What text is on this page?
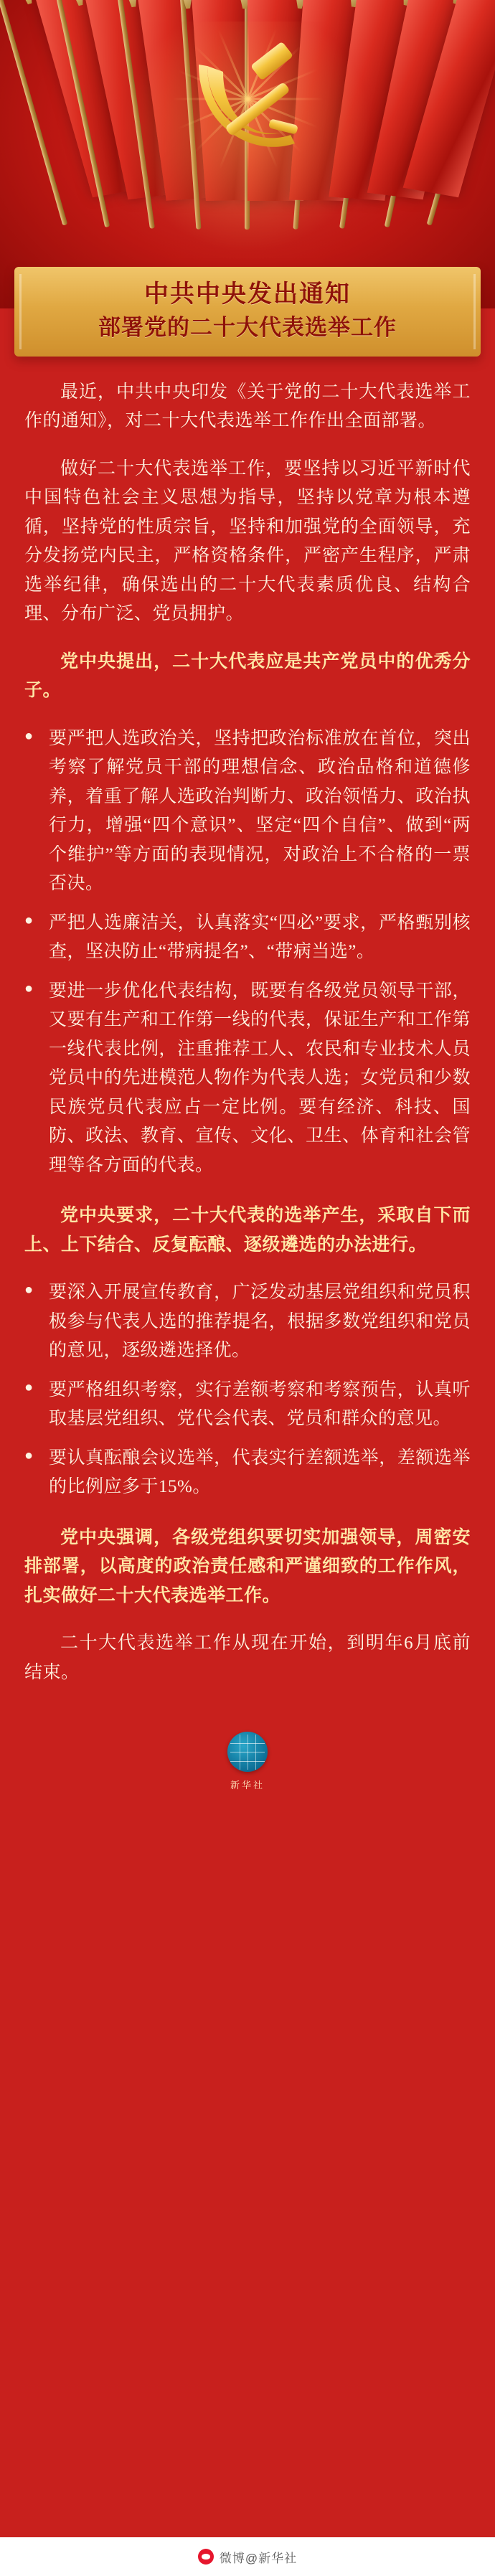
中共中央发出通知
部署党的二十大代表选举工作

最近，中共中央印发《关于党的二十大代表选举工作的通知》，对二十大代表选举工作作出全面部署。

做好二十大代表选举工作，要坚持以习近平新时代中国特色社会主义思想为指导，坚持以党章为根本遵循，坚持党的性质宗旨，坚持和加强党的全面领导，充分发扬党内民主，严格资格条件，严密产生程序，严肃选举纪律，确保选出的二十大代表素质优良、结构合理、分布广泛、党员拥护。

党中央提出，二十大代表应是共产党员中的优秀分子。

● 要严把人选政治关，坚持把政治标准放在首位，突出考察了解党员干部的理想信念、政治品格和道德修养，着重了解人选政治判断力、政治领悟力、政治执行力，增强“四个意识”、坚定“四个自信”、做到“两个维护”等方面的表现情况，对政治上不合格的一票否决。

● 严把人选廉洁关，认真落实“四必”要求，严格甄别核查，坚决防止“带病提名”、“带病当选”。

● 要进一步优化代表结构，既要有各级党员领导干部，又要有生产和工作第一线的代表，保证生产和工作第一线代表比例，注重推荐工人、农民和专业技术人员党员中的先进模范人物作为代表人选；女党员和少数民族党员代表应占一定比例。要有经济、科技、国防、政法、教育、宣传、文化、卫生、体育和社会管理等各方面的代表。

党中央要求，二十大代表的选举产生，采取自下而上、上下结合、反复酝酿、逐级遴选的办法进行。

● 要深入开展宣传教育，广泛发动基层党组织和党员积极参与代表人选的推荐提名，根据多数党组织和党员的意见，逐级遴选择优。

● 要严格组织考察，实行差额考察和考察预告，认真听取基层党组织、党代会代表、党员和群众的意见。

● 要认真酝酿会议选举，代表实行差额选举，差额选举的比例应多于15%。

党中央强调，各级党组织要切实加强领导，周密安排部署，以高度的政治责任感和严谨细致的工作作风，扎实做好二十大代表选举工作。

二十大代表选举工作从现在开始，到明年6月底前结束。

新华社
微博@新华社
